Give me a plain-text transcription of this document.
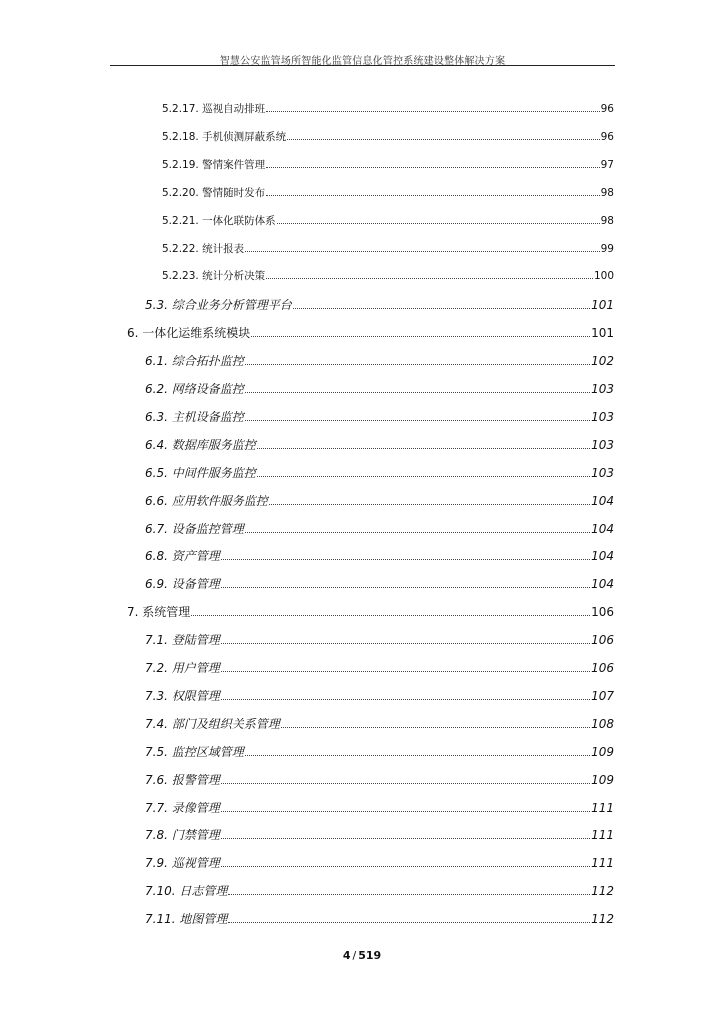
智慧公安监管场所智能化监管信息化管控系统建设整体解决方案
5.2.17. 巡视自动排班	96
5.2.18. 手机侦测屏蔽系统	96
5.2.19. 警情案件管理	97
5.2.20. 警情随时发布	98
5.2.21. 一体化联防体系	98
5.2.22. 统计报表	99
5.2.23. 统计分析决策	100
5.3. 综合业务分析管理平台	101
6. 一体化运维系统模块	101
6.1. 综合拓扑监控	102
6.2. 网络设备监控	103
6.3. 主机设备监控	103
6.4. 数据库服务监控	103
6.5. 中间件服务监控	103
6.6. 应用软件服务监控	104
6.7. 设备监控管理	104
6.8. 资产管理	104
6.9. 设备管理	104
7. 系统管理	106
7.1. 登陆管理	106
7.2. 用户管理	106
7.3. 权限管理	107
7.4. 部门及组织关系管理	108
7.5. 监控区域管理	109
7.6. 报警管理	109
7.7. 录像管理	111
7.8. 门禁管理	111
7.9. 巡视管理	111
7.10. 日志管理	112
7.11. 地图管理	112
4 / 519
